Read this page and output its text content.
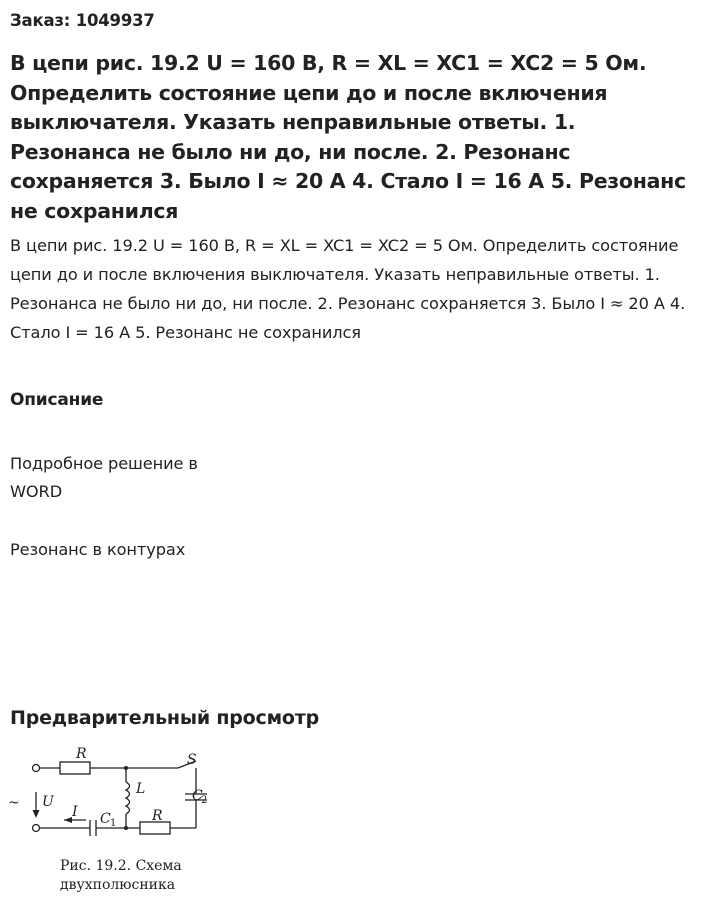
Заказ: 1049937
В цепи рис. 19.2 U = 160 В, R = XL = XC1 = XC2 = 5 Ом. Определить состояние цепи до и после включения выключателя. Указать неправильные ответы. 1. Резонанса не было ни до, ни после. 2. Резонанс сохраняется 3. Было I ≈ 20 А 4. Стало I = 16 А 5. Резонанс не сохранился

В цепи рис. 19.2 U = 160 В, R = XL = XC1 = XC2 = 5 Ом. Определить состояние цепи до и после включения выключателя. Указать неправильные ответы. 1. Резонанса не было ни до, ни после. 2. Резонанс сохраняется 3. Было I ≈ 20 А 4. Стало I = 16 А 5. Резонанс не сохранился

Описание
Подробное решение в
WORD
Резонанс в контурах
Предварительный просмотр
R	S
L	C
2
U
~
I C 1	R
Рис. 19.2. Схема
двухполюсника
